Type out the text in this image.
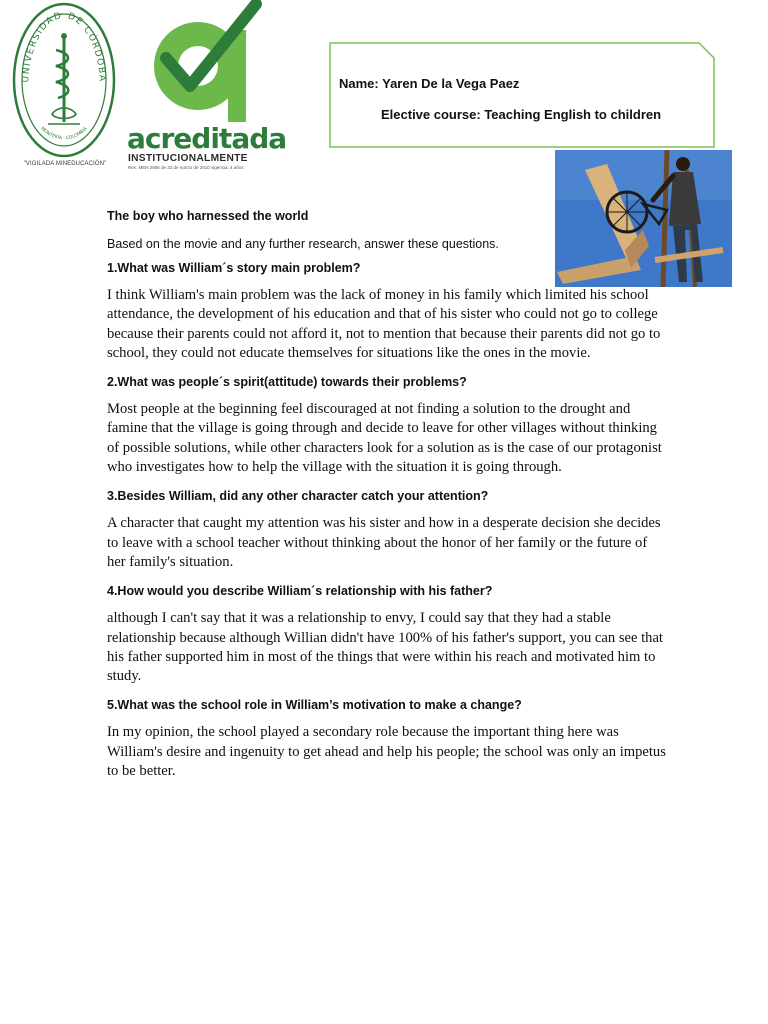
UNIVERSIDAD DE CÓRDOBA
MONTERÍA · COLOMBIA
"VIGILADA MINEDUCACIÓN"
acreditada
INSTITUCIONALMENTE
Res. MEN 2956 de 22 de marzo de 2010 vigencia: 4 años
Name: Yaren De la Vega Paez
Elective course: Teaching English to children

The boy who harnessed the world

Based on the movie and any further research, answer these questions.

1.What was William´s story main problem?

I think William's main problem was the lack of money in his family which limited his school attendance, the development of his education and that of his sister who could not go to college because their parents could not afford it, not to mention that because their parents did not go to school, they could not educate themselves for situations like the ones in the movie.

2.What was people´s spirit(attitude) towards their problems?

Most people at the beginning feel discouraged at not finding a solution to the drought and famine that the village is going through and decide to leave for other villages without thinking of possible solutions, while other characters look for a solution as is the case of our protagonist who investigates how to help the village with the situation it is going through.

3.Besides William, did any other character catch your attention?

A character that caught my attention was his sister and how in a desperate decision she decides to leave with a school teacher without thinking about the honor of her family or the future of her family's situation.

4.How would you describe William´s relationship with his father?

although I can't say that it was a relationship to envy, I could say that they had a stable relationship because although Willian didn't have 100% of his father's support, you can see that his father supported him in most of the things that were within his reach and motivated him to study.

5.What was the school role in William’s motivation to make a change?

In my opinion, the school played a secondary role because the important thing here was William's desire and ingenuity to get ahead and help his people; the school was only an impetus to be better.
